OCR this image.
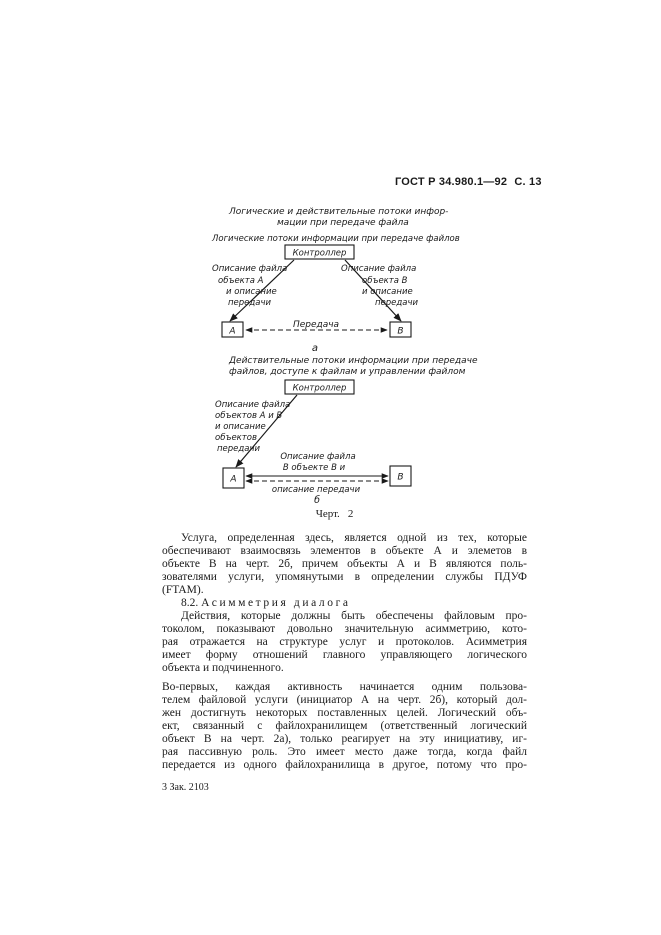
ГОСТ Р 34.980.1—92 С. 13
Логические и действительные потоки инфор-
мации при передаче файла
Логические потоки информации при передаче файлов
Контроллер
Описание файла
объекта А
и описание
передачи
Описание файла
объекта В
и описание
передачи
А	В
Передача
а
Действительные потоки информации при передаче
файлов, доступе к файлам и управлении файлом
Контроллер
Описание файла
объектов А и В
и описание
объектов
передачи
А	В
Описание файла
В объекте В и
описание передачи
б
Черт. 2
Услуга, определенная здесь, является одной из тех, которые
обеспечивают взаимосвязь элементов в объекте А и элеметов в
объекте В на черт. 2б, причем объекты А и В являются поль-
зователями услуги, упомянутыми в определении службы ПДУФ
(FTAM).
8.2. Асимметрия диалога
Действия, которые должны быть обеспечены файловым про-
токолом, показывают довольно значительную асимметрию, кото-
рая отражается на структуре услуг и протоколов. Асимметрия
имеет форму отношений главного управляющего логического
объекта и подчиненного.
Во-первых, каждая активность начинается одним пользова-
телем файловой услуги (инициатор А на черт. 2б), который дол-
жен достигнуть некоторых поставленных целей. Логический объ-
ект, связанный с файлохранилищем (ответственный логический
объект В на черт. 2а), только реагирует на эту инициативу, иг-
рая пассивную роль. Это имеет место даже тогда, когда файл
передается из одного файлохранилища в другое, потому что про-
3 Зак. 2103
